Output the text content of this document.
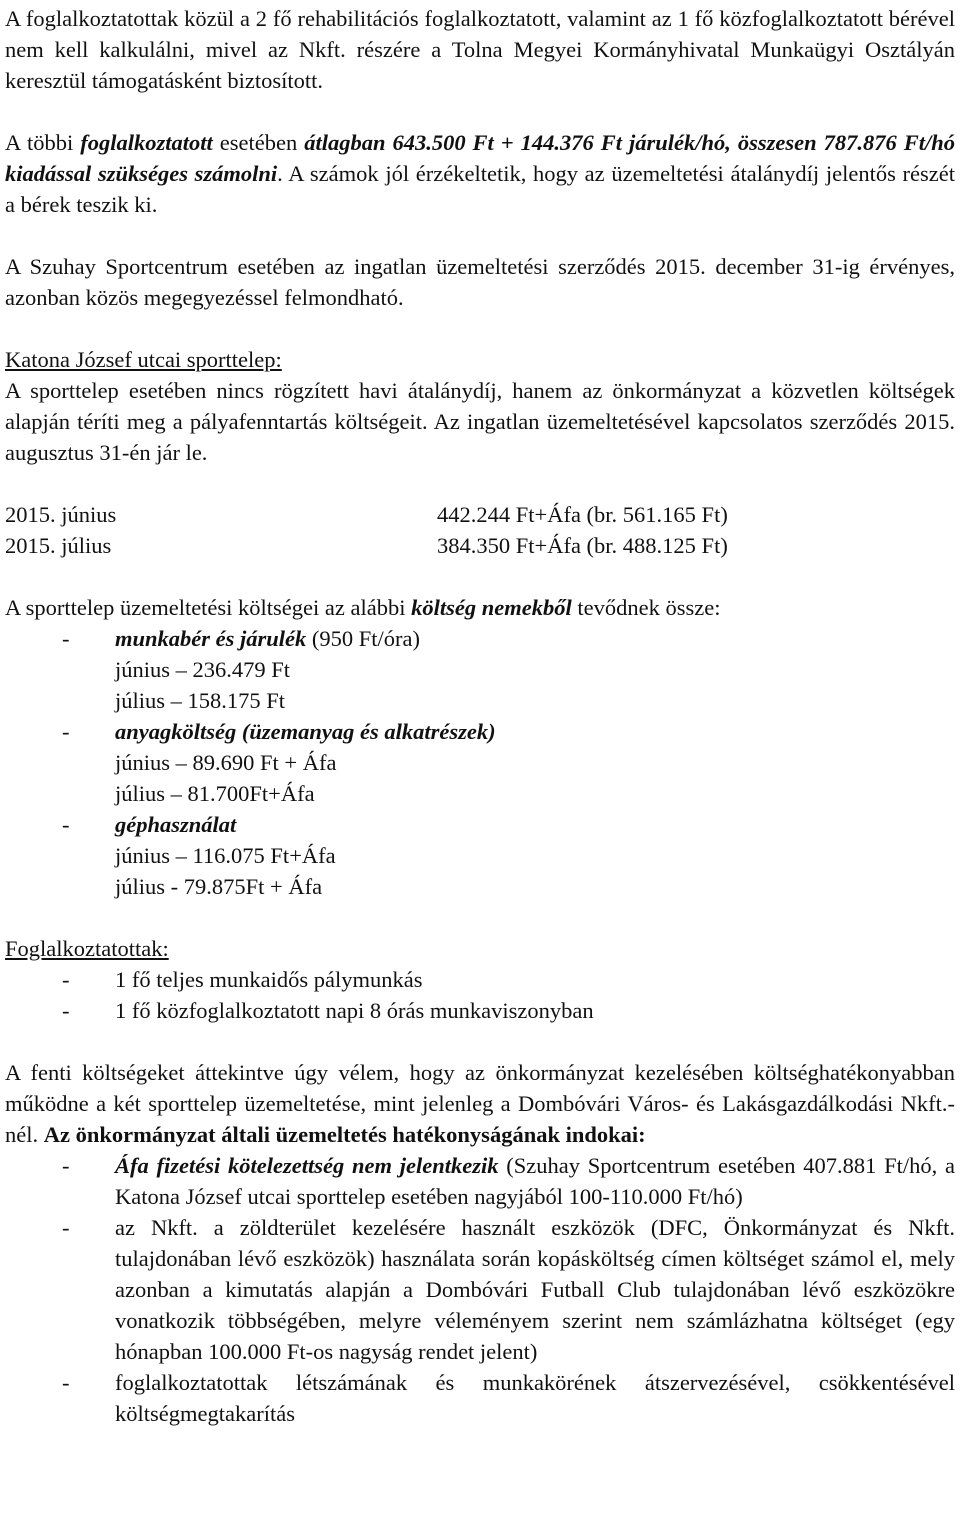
A foglalkoztatottak közül a 2 fő rehabilitációs foglalkoztatott, valamint az 1 fő közfoglalkoztatott bérével nem kell kalkulálni, mivel az Nkft. részére a Tolna Megyei Kormányhivatal Munkaügyi Osztályán keresztül támogatásként biztosított.

A többi foglalkoztatott esetében átlagban 643.500 Ft + 144.376 Ft járulék/hó, összesen 787.876 Ft/hó kiadással szükséges számolni. A számok jól érzékeltetik, hogy az üzemeltetési átalánydíj jelentős részét a bérek teszik ki.

A Szuhay Sportcentrum esetében az ingatlan üzemeltetési szerződés 2015. december 31-ig érvényes, azonban közös megegyezéssel felmondható.

Katona József utcai sporttelep:

A sporttelep esetében nincs rögzített havi átalánydíj, hanem az önkormányzat a közvetlen költségek alapján téríti meg a pályafenntartás költségeit. Az ingatlan üzemeltetésével kapcsolatos szerződés 2015. augusztus 31-én jár le.

2015. június	442.244 Ft+Áfa (br. 561.165 Ft)
2015. július	384.350 Ft+Áfa (br. 488.125 Ft)

A sporttelep üzemeltetési költségei az alábbi költség nemekből tevődnek össze:

- munkabér és járulék (950 Ft/óra)
június – 236.479 Ft
július – 158.175 Ft
- anyagköltség (üzemanyag és alkatrészek)
június – 89.690 Ft + Áfa
július – 81.700Ft+Áfa
- géphasználat
június – 116.075 Ft+Áfa
július - 79.875Ft + Áfa

Foglalkoztatottak:

- 1 fő teljes munkaidős pálymunkás
- 1 fő közfoglalkoztatott napi 8 órás munkaviszonyban

A fenti költségeket áttekintve úgy vélem, hogy az önkormányzat kezelésében költséghatékonyabban működne a két sporttelep üzemeltetése, mint jelenleg a Dombóvári Város- és Lakásgazdálkodási Nkft.-nél. Az önkormányzat általi üzemeltetés hatékonyságának indokai:

- Áfa fizetési kötelezettség nem jelentkezik (Szuhay Sportcentrum esetében 407.881 Ft/hó, a Katona József utcai sporttelep esetében nagyjából 100-110.000 Ft/hó)
- az Nkft. a zöldterület kezelésére használt eszközök (DFC, Önkormányzat és Nkft. tulajdonában lévő eszközök) használata során kopásköltség címen költséget számol el, mely azonban a kimutatás alapján a Dombóvári Futball Club tulajdonában lévő eszközökre vonatkozik többségében, melyre véleményem szerint nem számlázhatna költséget (egy hónapban 100.000 Ft-os nagyság rendet jelent)
- foglalkoztatottak létszámának és munkakörének átszervezésével, csökkentésével költségmegtakarítás
